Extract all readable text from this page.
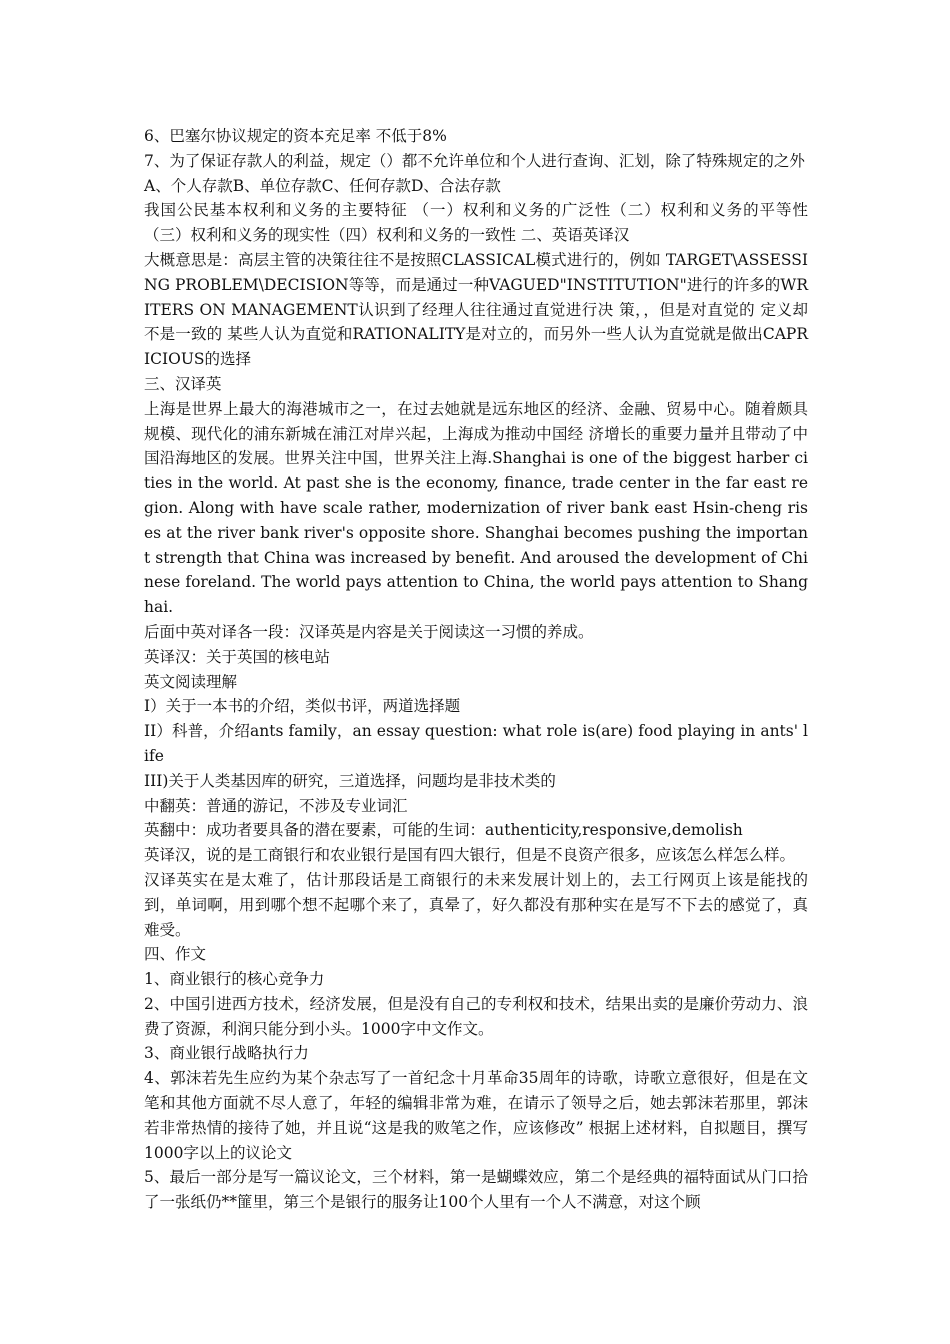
6、巴塞尔协议规定的资本充足率 不低于8%

7、为了保证存款人的利益，规定（）都不允许单位和个人进行查询、汇划，除了特殊规定的之外

A、个人存款B、单位存款C、任何存款D、合法存款

我国公民基本权利和义务的主要特征 （一）权利和义务的广泛性（二）权利和义务的平等性 （三）权利和义务的现实性（四）权利和义务的一致性 二、英语英译汉

大概意思是：高层主管的决策往往不是按照CLASSICAL模式进行的，例如 TARGET\ASSESSI NG PROBLEM\DECISION等等，而是通过一种VAGUED"INSTITUTION"进行的许多的WRITERS ON MANAGEMENT认识到了经理人往往通过直觉进行决 策，，但是对直觉的 定义却不是一致的 某些人认为直觉和RATIONALITY是对立的，而另外一些人认为直觉就是做出CAPRICIOUS的选择

三、汉译英

上海是世界上最大的海港城市之一，在过去她就是远东地区的经济、金融、贸易中心。随着颇具规模、现代化的浦东新城在浦江对岸兴起，上海成为推动中国经 济增长的重要力量并且带动了中国沿海地区的发展。世界关注中国，世界关注上海.Shanghai is one of the biggest harber cities in the world. At past she is the economy, finance, trade center in the far east region. Along with have scale rather, modernization of river bank east Hsin-cheng rises at the river bank river's opposite shore. Shanghai becomes pushing the important strength that China was increased by benefit. And aroused the development of Chinese foreland. The world pays attention to China, the world pays attention to Shanghai.

后面中英对译各一段：汉译英是内容是关于阅读这一习惯的养成。

英译汉：关于英国的核电站

英文阅读理解

I）关于一本书的介绍，类似书评，两道选择题

II）科普，介绍ants family，an essay question: what role is(are) food playing in ants' life

III)关于人类基因库的研究，三道选择，问题均是非技术类的

中翻英：普通的游记，不涉及专业词汇

英翻中：成功者要具备的潜在要素，可能的生词：authenticity,responsive,demolish

英译汉，说的是工商银行和农业银行是国有四大银行，但是不良资产很多，应该怎么样怎么样。

汉译英实在是太难了，估计那段话是工商银行的未来发展计划上的，去工行网页上该是能找的到，单词啊，用到哪个想不起哪个来了，真晕了，好久都没有那种实在是写不下去的感觉了，真难受。

四、作文

1、商业银行的核心竞争力

2、中国引进西方技术，经济发展，但是没有自己的专利权和技术，结果出卖的是廉价劳动力、浪费了资源，利润只能分到小头。1000字中文作文。

3、商业银行战略执行力

4、郭沫若先生应约为某个杂志写了一首纪念十月革命35周年的诗歌，诗歌立意很好，但是在文笔和其他方面就不尽人意了，年轻的编辑非常为难，在请示了领导之后，她去郭沫若那里，郭沫若非常热情的接待了她，并且说“这是我的败笔之作，应该修改” 根据上述材料，自拟题目，撰写1000字以上的议论文

5、最后一部分是写一篇议论文，三个材料，第一是蝴蝶效应，第二个是经典的福特面试从门口拾了一张纸仍**篚里，第三个是银行的服务让100个人里有一个人不满意，对这个顾
